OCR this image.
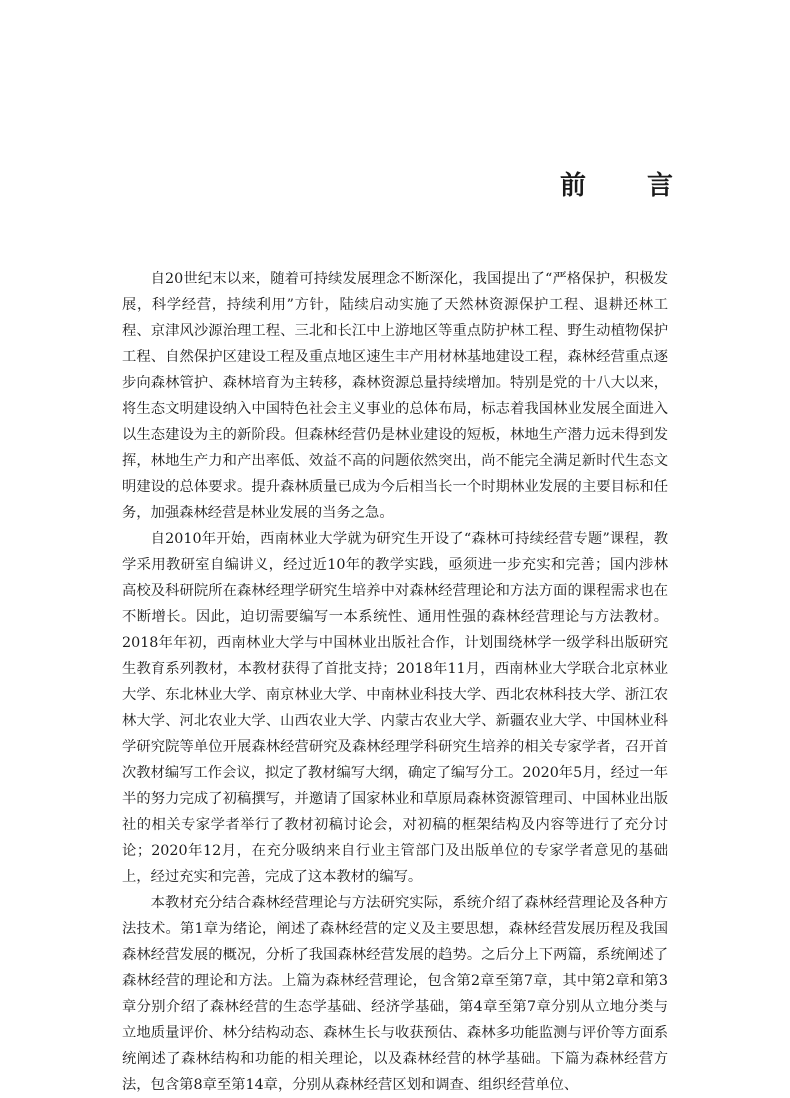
前 言

自20世纪末以来，随着可持续发展理念不断深化，我国提出了“严格保护，积极发展，科学经营，持续利用”方针，陆续启动实施了天然林资源保护工程、退耕还林工程、京津风沙源治理工程、三北和长江中上游地区等重点防护林工程、野生动植物保护工程、自然保护区建设工程及重点地区速生丰产用材林基地建设工程，森林经营重点逐步向森林管护、森林培育为主转移，森林资源总量持续增加。特别是党的十八大以来，将生态文明建设纳入中国特色社会主义事业的总体布局，标志着我国林业发展全面进入以生态建设为主的新阶段。但森林经营仍是林业建设的短板，林地生产潜力远未得到发挥，林地生产力和产出率低、效益不高的问题依然突出，尚不能完全满足新时代生态文明建设的总体要求。提升森林质量已成为今后相当长一个时期林业发展的主要目标和任务，加强森林经营是林业发展的当务之急。

自2010年开始，西南林业大学就为研究生开设了“森林可持续经营专题”课程，教学采用教研室自编讲义，经过近10年的教学实践，亟须进一步充实和完善；国内涉林高校及科研院所在森林经理学研究生培养中对森林经营理论和方法方面的课程需求也在不断增长。因此，迫切需要编写一本系统性、通用性强的森林经营理论与方法教材。2018年年初，西南林业大学与中国林业出版社合作，计划围绕林学一级学科出版研究生教育系列教材，本教材获得了首批支持；2018年11月，西南林业大学联合北京林业大学、东北林业大学、南京林业大学、中南林业科技大学、西北农林科技大学、浙江农林大学、河北农业大学、山西农业大学、内蒙古农业大学、新疆农业大学、中国林业科学研究院等单位开展森林经营研究及森林经理学科研究生培养的相关专家学者，召开首次教材编写工作会议，拟定了教材编写大纲，确定了编写分工。2020年5月，经过一年半的努力完成了初稿撰写，并邀请了国家林业和草原局森林资源管理司、中国林业出版社的相关专家学者举行了教材初稿讨论会，对初稿的框架结构及内容等进行了充分讨论；2020年12月，在充分吸纳来自行业主管部门及出版单位的专家学者意见的基础上，经过充实和完善，完成了这本教材的编写。

本教材充分结合森林经营理论与方法研究实际，系统介绍了森林经营理论及各种方法技术。第1章为绪论，阐述了森林经营的定义及主要思想，森林经营发展历程及我国森林经营发展的概况，分析了我国森林经营发展的趋势。之后分上下两篇，系统阐述了森林经营的理论和方法。上篇为森林经营理论，包含第2章至第7章，其中第2章和第3章分别介绍了森林经营的生态学基础、经济学基础，第4章至第7章分别从立地分类与立地质量评价、林分结构动态、森林生长与收获预估、森林多功能监测与评价等方面系统阐述了森林结构和功能的相关理论，以及森林经营的林学基础。下篇为森林经营方法，包含第8章至第14章，分别从森林经营区划和调查、组织经营单位、
